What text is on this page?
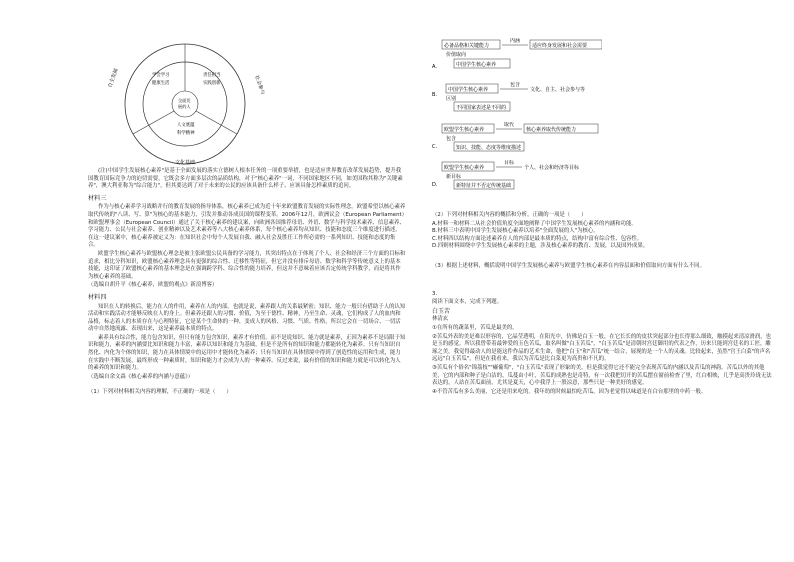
自主发展	社会参与
文化基础
全面发
展的人
学会学习
健康生活
责任担当
实践创新
人文底蕴
科学精神

(注)中国学生发展核心素养"是基于全面发展的落实立德树人根本任务的一项重要举措，也是适应世界教育改革发展趋势，提升我国教育国际竞争力的迫切需要，它既会多方面多层次的品质结构，对于"核心素养"一词，不同国家地区不同，如美国称其称为"关键素养"，澳大利亚称为"综合能力"，但其要达到了对于未来的公民的应该具备什么样子、应该具备怎样素质的追问。

材料三

作为与核心素养学习战略并行的教育发展的指导体系，核心素养已成为近十年来欧盟教育发展的实际性理念。欧盟希望以核心素养取代传统的"八读、写、算"为核心的基本能力，引发并推动各成员国的课程变革。2006年12月，欧洲议会（European Parliament）和欧盟理事会（European Council）通过了关于核心素养的建议案，向欧洲各国推荐母语、外语、数学与科学技术素养、信息素养、学习能力、公民与社会素养、创业精神以及艺术素养等八大核心素养体系，每个核心素养均从知识、技能和态度三个维度进行描述。在这一建议案中，核心素养被定义为：在知识社会中每个人发展自我、融入社会及胜任工作所必需的一系列知识、技能和态度的集合。

欧盟学生核心素养与欧盟核心理念是被主张欧盟公民具备的学习能力，其突出特点在于体现了个人、社会和经济三个方面的目标和追求，相比分科知识，欧盟核心素养理念具有更强的综合性、迁移性等特征，但它并没有排斥母语、数学和科学等传统意义上的基本技能，这印证了欧盟核心素养的基本理念是在强调跨学科、综合性的能力培养，但这并不意味着应该否定传统学科教学，而是将其作为核心素养的基础。

（选编自胡升平《核心素养，欧盟的观点》新浪博客）

材料四

知识在人的转换后，能力在人的作用，素养在人的内部。也就是说，素养跟人的关系最紧密；知识、能力一般只有借助于人的认知活动和实践活动才能够反映在人的身上。但素养还跟人的习惯、价值，为至于德性、精神，乃至生命、灵魂，它们构成了人的血肉和品格，标志着人的本质存在与心理特征，它是某个生命体的一种，变成人的风格、习惯、气质、性格，所以它会在一切场合、一切活动中自然地流露、表现出来，这是素养最本质的特点。

素养具有综合性，能力包含知识，但只有能力包含知识，素养才有价值。而不是说知识、能力就是素养，正因为素养不是局限于知识和能力，素养的内涵要比知识和能力丰富，素养以知识和能力为基础，但是不是所有的知识和能力都能转化为素养。只有当知识自然化、内化为个体的知识，能力在具体情境中的运用中才能转化为素养；只有当知识在具体情境中得到了创造性的运用和生成，能力在实践中不断发展，最终形成一种素质时，知识和能力才会成为人的一种素养。反过来说，最有价值的知识和能力就是可以转化为人的素养的知识和能力。

（选编自余文森《核心素养的内涵与意蕴》）

（1）下列对材料相关内容的理解，不正确的一项是（　　）

A.
必备品格和关键能力
内涵
适应终身发展和社会需要
价值取向
中国学生核心素养
B.
中国学生核心素养
包含
文化、自主、社会参与等
区别
不同国家表述是不同的
C.
欧盟学生核心素养
取代
核心素养取代传统能力
包含
知识、技能、态度等维度描述
D.
欧盟学生核心素养
目标
个人、社会和经济等目标
新目标
新特征并不否定传统基础

（2）下列对材料相关内容的概括和分析，正确的一项是（　　）

A.材料一和材料二从社会价值角度全面地阐释了中国学生发展核心素养的内涵和功能。

B.材料三中表明中国学生发展核心素养以培养"全面发展的人"为核心。

C.材料四以结构方面论述素养在人的内部是最本质的特点，结构中富有综合性、包容性。

D.四则材料围绕中学生发展核心素养的主题，涉及核心素养的教育、发展，以及国外成果。

（3）根据上述材料，概括说明中国学生发展核心素养与欧盟学生核心素养在内容层面和价值取向方面有什么不同。

3.

阅读下面文本，完成下列题。

白玉苦

林清玄

①在所有的蔬菜里，苦瓜是最美的。

②苦瓜外表的美是难以形容的，它晶莹透明，在阳光中，仿佛是白玉一般，在它长长的的皮状突起部分也长得那么细致，触摸起来清凉滑润，也是玉的感觉。所以我曾带着最钟爱的玉色苦瓜，取名叫做"白玉苦瓜"，"白玉苦瓜"是清朝时宫廷御用的代表之作，历来只能到宫廷名的工匠，雕琢之美，我觉得最动人的是能这件作品的艺术生命，他把"白玉"和"苦瓜"统一结合，展现的是一个人的灵魂。比较起来，虽然"宫王白菜"的声名远远"白玉苦瓜"，但是在我看来，我以为苦瓜是比白菜更为高贵和不凡的。

③苦瓜有个俗名"锦荔枝""癞葡萄"，"白玉苦瓜"表现了形象的美，但是我觉得它还不能完全表现苦瓜的内涵以及苦瓜的神韵。苦瓜以外的其他美，它的内部和种子是白洁的，瓜蔓由小叶，苦瓜的成熟也是奇特，有一次我把切开的苦瓜摆在窗前检查了里，红白相映，几乎是高贵玲珑无法表达的。人站在苦瓜面前，尤其是夏天，心中我浮上一股凉意，那些只是一种美好的感觉。

④不管苦瓜有多么美丽，它还是用来吃的。我年幼的时候最怕吃苦瓜，因为老觉得以味道是在白台那里的中药一般。
